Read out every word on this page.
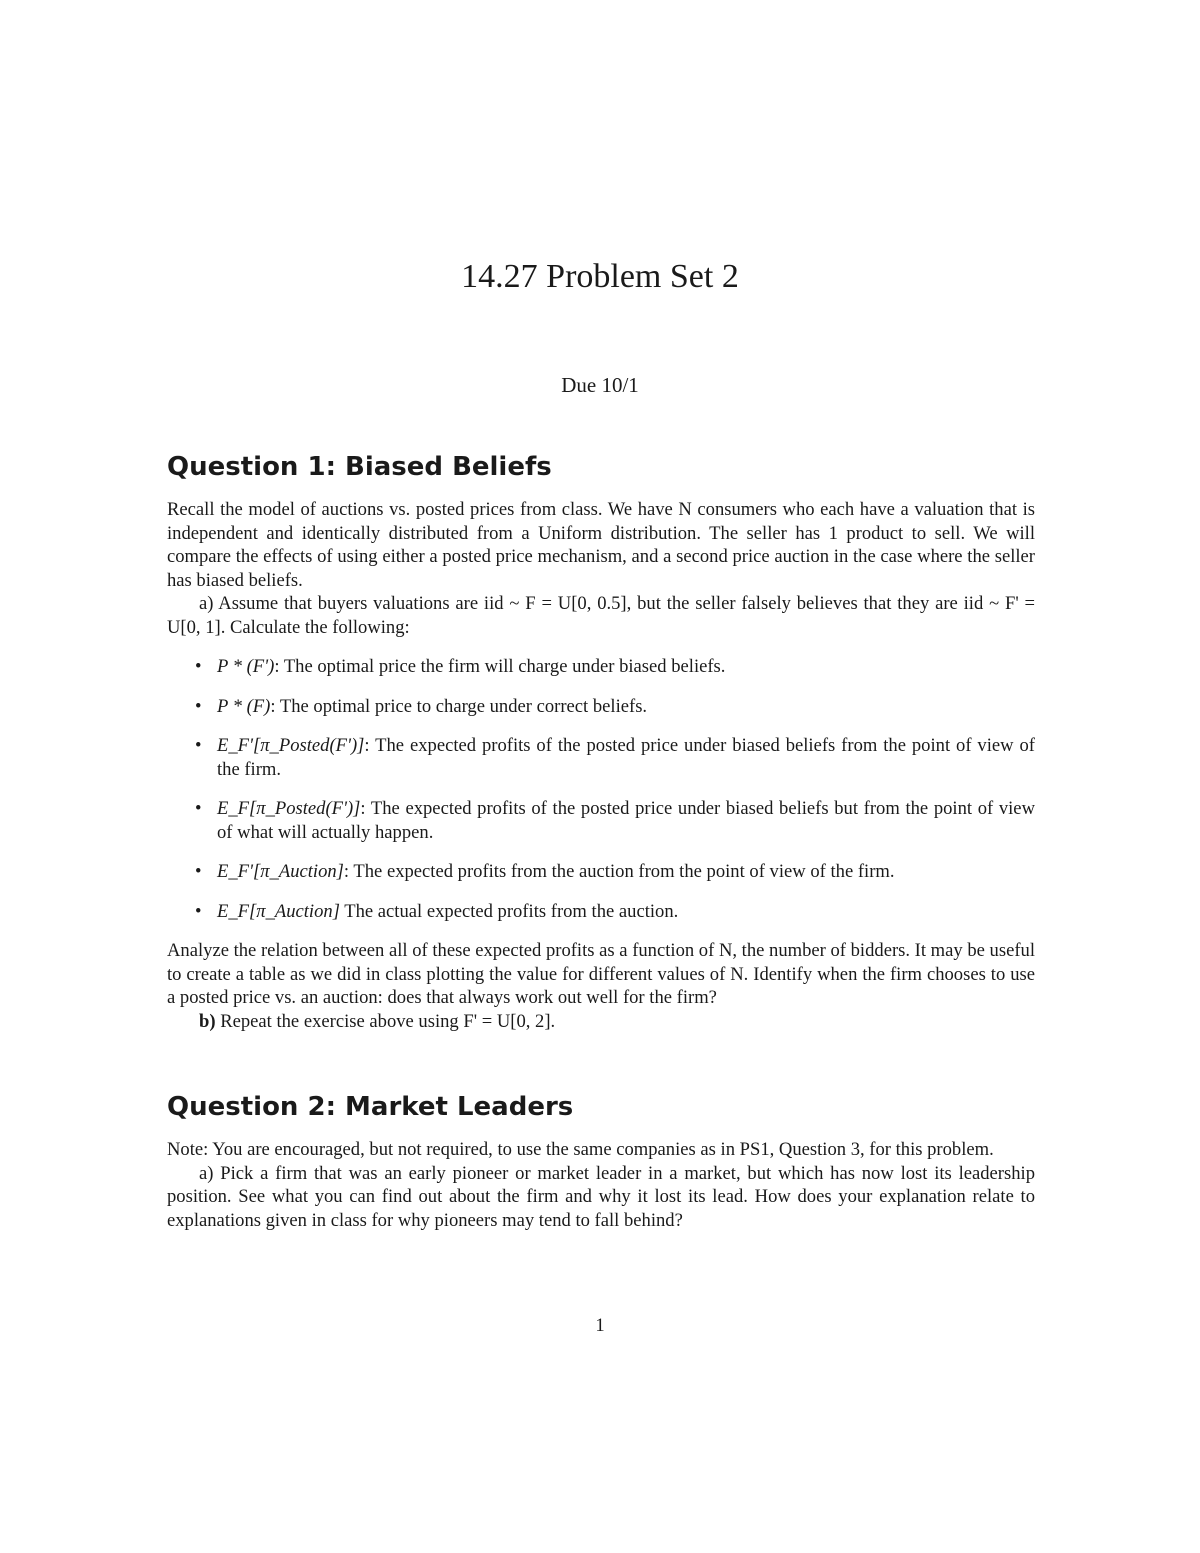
14.27 Problem Set 2
Due 10/1
Question 1: Biased Beliefs

Recall the model of auctions vs. posted prices from class. We have N consumers who each have a valuation that is independent and identically distributed from a Uniform distribution. The seller has 1 product to sell. We will compare the effects of using either a posted price mechanism, and a second price auction in the case where the seller has biased beliefs.

a) Assume that buyers valuations are iid ~ F = U[0, 0.5], but the seller falsely believes that they are iid ~ F' = U[0, 1]. Calculate the following:

• P * (F'): The optimal price the firm will charge under biased beliefs.
• P * (F): The optimal price to charge under correct beliefs.
• E_F'[π_Posted(F')]: The expected profits of the posted price under biased beliefs from the point of view of the firm.
• E_F[π_Posted(F')]: The expected profits of the posted price under biased beliefs but from the point of view of what will actually happen.
• E_F'[π_Auction]: The expected profits from the auction from the point of view of the firm.
• E_F[π_Auction] The actual expected profits from the auction.

Analyze the relation between all of these expected profits as a function of N, the number of bidders. It may be useful to create a table as we did in class plotting the value for different values of N. Identify when the firm chooses to use a posted price vs. an auction: does that always work out well for the firm?

b) Repeat the exercise above using F' = U[0, 2].

Question 2: Market Leaders

Note: You are encouraged, but not required, to use the same companies as in PS1, Question 3, for this problem.

a) Pick a firm that was an early pioneer or market leader in a market, but which has now lost its leadership position. See what you can find out about the firm and why it lost its lead. How does your explanation relate to explanations given in class for why pioneers may tend to fall behind?

1
